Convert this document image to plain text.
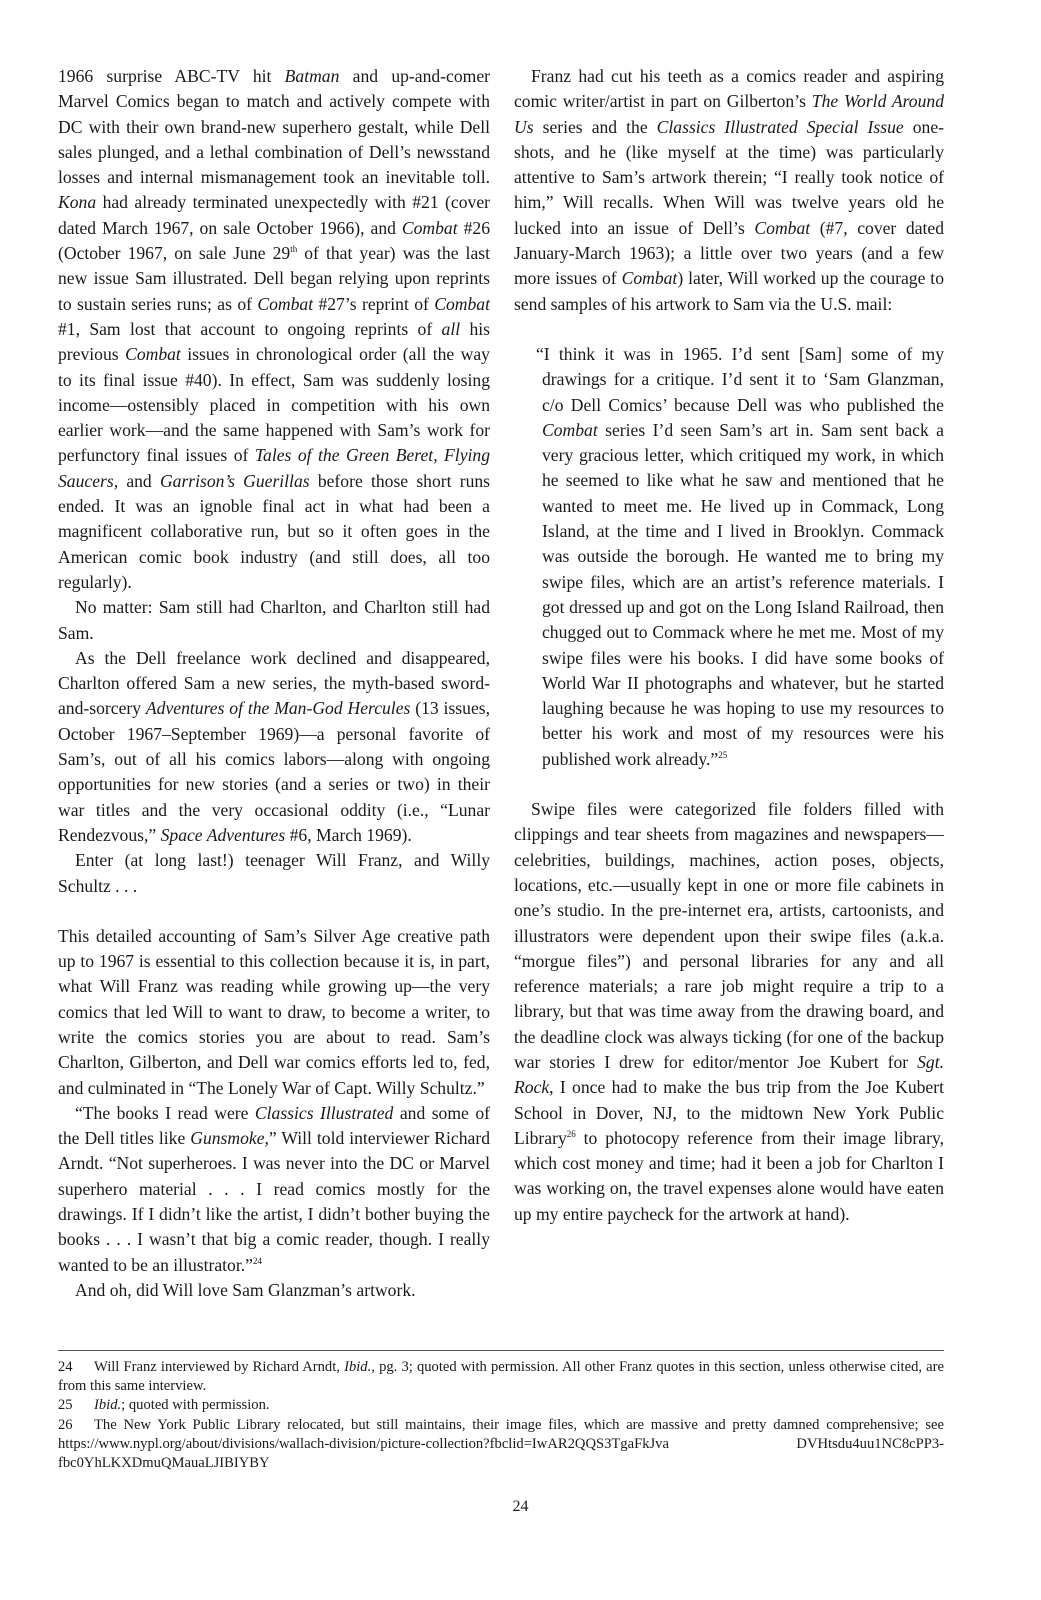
1966 surprise ABC-TV hit Batman and up-and-comer Marvel Comics began to match and actively compete with DC with their own brand-new superhero gestalt, while Dell sales plunged, and a lethal combination of Dell’s newsstand losses and internal mismanagement took an inevitable toll. Kona had already terminated unexpectedly with #21 (cover dated March 1967, on sale October 1966), and Combat #26 (October 1967, on sale June 29th of that year) was the last new issue Sam illustrated. Dell began relying upon reprints to sustain series runs; as of Combat #27’s reprint of Combat #1, Sam lost that account to ongoing reprints of all his previous Combat issues in chronological order (all the way to its final issue #40). In effect, Sam was suddenly losing income—ostensibly placed in competition with his own earlier work—and the same happened with Sam’s work for perfunctory final issues of Tales of the Green Beret, Flying Saucers, and Garrison’s Guerillas before those short runs ended. It was an ignoble final act in what had been a magnificent collaborative run, but so it often goes in the American comic book industry (and still does, all too regularly).

No matter: Sam still had Charlton, and Charlton still had Sam.

As the Dell freelance work declined and disappeared, Charlton offered Sam a new series, the myth-based sword-and-sorcery Adventures of the Man-God Hercules (13 issues, October 1967–September 1969)—a personal favorite of Sam’s, out of all his comics labors—along with ongoing opportunities for new stories (and a series or two) in their war titles and the very occasional oddity (i.e., “Lunar Rendezvous,” Space Adventures #6, March 1969).

Enter (at long last!) teenager Will Franz, and Willy Schultz . . .

This detailed accounting of Sam’s Silver Age creative path up to 1967 is essential to this collection because it is, in part, what Will Franz was reading while growing up—the very comics that led Will to want to draw, to become a writer, to write the comics stories you are about to read. Sam’s Charlton, Gilberton, and Dell war comics efforts led to, fed, and culminated in “The Lonely War of Capt. Willy Schultz.”

“The books I read were Classics Illustrated and some of the Dell titles like Gunsmoke,” Will told interviewer Richard Arndt. “Not superheroes. I was never into the DC or Marvel superhero material . . . I read comics mostly for the drawings. If I didn’t like the artist, I didn’t bother buying the books . . . I wasn’t that big a comic reader, though. I really wanted to be an illustrator.”$^{24}$

And oh, did Will love Sam Glanzman’s artwork.

Franz had cut his teeth as a comics reader and aspiring comic writer/artist in part on Gilberton’s The World Around Us series and the Classics Illustrated Special Issue one-shots, and he (like myself at the time) was particularly attentive to Sam’s artwork therein; “I really took notice of him,” Will recalls. When Will was twelve years old he lucked into an issue of Dell’s Combat (#7, cover dated January-March 1963); a little over two years (and a few more issues of Combat) later, Will worked up the courage to send samples of his artwork to Sam via the U.S. mail:

“I think it was in 1965. I’d sent [Sam] some of my drawings for a critique. I’d sent it to ‘Sam Glanzman, c/o Dell Comics’ because Dell was who published the Combat series I’d seen Sam’s art in. Sam sent back a very gracious letter, which critiqued my work, in which he seemed to like what he saw and mentioned that he wanted to meet me. He lived up in Commack, Long Island, at the time and I lived in Brooklyn. Commack was outside the borough. He wanted me to bring my swipe files, which are an artist’s reference materials. I got dressed up and got on the Long Island Railroad, then chugged out to Commack where he met me. Most of my swipe files were his books. I did have some books of World War II photographs and whatever, but he started laughing because he was hoping to use my resources to better his work and most of my resources were his published work already.”$^{25}$

Swipe files were categorized file folders filled with clippings and tear sheets from magazines and newspapers—celebrities, buildings, machines, action poses, objects, locations, etc.—usually kept in one or more file cabinets in one’s studio. In the pre-internet era, artists, cartoonists, and illustrators were dependent upon their swipe files (a.k.a. “morgue files”) and personal libraries for any and all reference materials; a rare job might require a trip to a library, but that was time away from the drawing board, and the deadline clock was always ticking (for one of the backup war stories I drew for editor/mentor Joe Kubert for Sgt. Rock, I once had to make the bus trip from the Joe Kubert School in Dover, NJ, to the midtown New York Public Library$^{26}$ to photocopy reference from their image library, which cost money and time; had it been a job for Charlton I was working on, the travel expenses alone would have eaten up my entire paycheck for the artwork at hand).

24 Will Franz interviewed by Richard Arndt, Ibid., pg. 3; quoted with permission. All other Franz quotes in this section, unless otherwise cited, are from this same interview.

25 Ibid.; quoted with permission.

26 The New York Public Library relocated, but still maintains, their image files, which are massive and pretty damned comprehensive; see https://www.nypl.org/about/divisions/wallach-division/picture-collection?fbclid=IwAR2QQS3TgaFkJva DVHtsdu4uu1NC8cPP3-fbc0YhLKXDmuQMauaLJIBIYBY

24
